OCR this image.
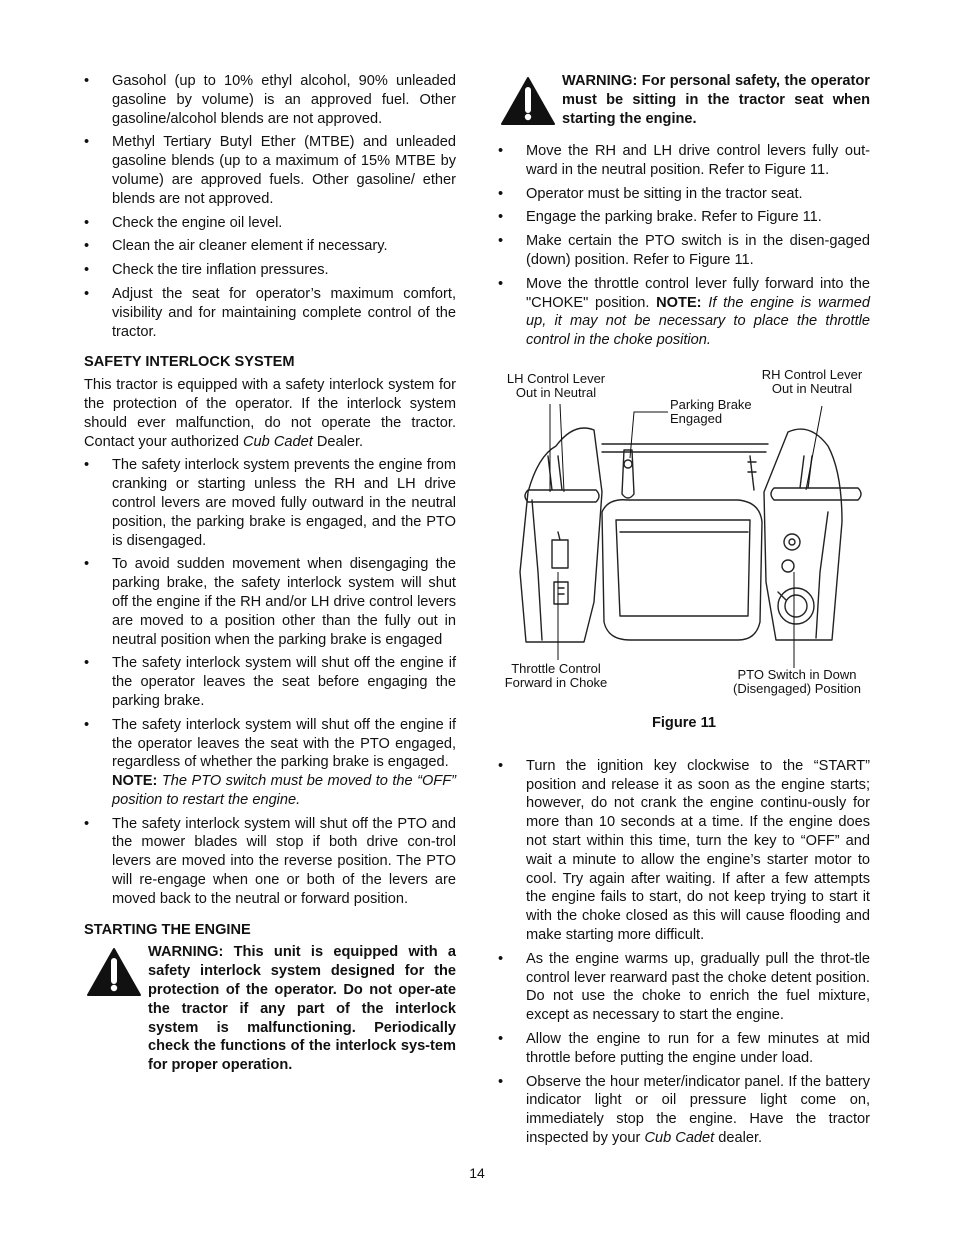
• Gasohol (up to 10% ethyl alcohol, 90% unleaded gasoline by volume) is an approved fuel. Other gasoline/alcohol blends are not approved.
• Methyl Tertiary Butyl Ether (MTBE) and unleaded gasoline blends (up to a maximum of 15% MTBE by volume) are approved fuels. Other gasoline/ ether blends are not approved.
• Check the engine oil level.
• Clean the air cleaner element if necessary.
• Check the tire inflation pressures.
• Adjust the seat for operator’s maximum comfort, visibility and for maintaining complete control of the tractor.
SAFETY INTERLOCK SYSTEM

This tractor is equipped with a safety interlock system for the protection of the operator. If the interlock system should ever malfunction, do not operate the tractor. Contact your authorized Cub Cadet Dealer.

• The safety interlock system prevents the engine from cranking or starting unless the RH and LH drive control levers are moved fully outward in the neutral position, the parking brake is engaged, and the PTO is disengaged.
• To avoid sudden movement when disengaging the parking brake, the safety interlock system will shut off the engine if the RH and/or LH drive control levers are moved to a position other than the fully out in neutral position when the parking brake is engaged
• The safety interlock system will shut off the engine if the operator leaves the seat before engaging the parking brake.
• The safety interlock system will shut off the engine if the operator leaves the seat with the PTO engaged, regardless of whether the parking brake is engaged.
NOTE: The PTO switch must be moved to the “OFF” position to restart the engine.
• The safety interlock system will shut off the PTO and the mower blades will stop if both drive con-trol levers are moved into the reverse position. The PTO will re-engage when one or both of the levers are moved back to the neutral or forward position.
STARTING THE ENGINE
WARNING: This unit is equipped with a safety interlock system designed for the protection of the operator. Do not oper-ate the tractor if any part of the interlock system is malfunctioning. Periodically check the functions of the interlock sys-tem for proper operation.
WARNING: For personal safety, the operator must be sitting in the tractor seat when starting the engine.
• Move the RH and LH drive control levers fully out-ward in the neutral position. Refer to Figure 11.
• Operator must be sitting in the tractor seat.
• Engage the parking brake. Refer to Figure 11.
• Make certain the PTO switch is in the disen-gaged (down) position. Refer to Figure 11.
• Move the throttle control lever fully forward into the "CHOKE" position. NOTE: If the engine is warmed up, it may not be necessary to place the throttle control in the choke position.
LH Control Lever
Out in Neutral
RH Control Lever
Out in Neutral
Parking Brake
Engaged
Throttle Control
Forward in Choke
PTO Switch in Down
(Disengaged) Position
Figure 11
• Turn the ignition key clockwise to the “START” position and release it as soon as the engine starts; however, do not crank the engine continu-ously for more than 10 seconds at a time. If the engine does not start within this time, turn the key to “OFF” and wait a minute to allow the engine’s starter motor to cool. Try again after waiting. If after a few attempts the engine fails to start, do not keep trying to start it with the choke closed as this will cause flooding and make starting more difficult.
• As the engine warms up, gradually pull the throt-tle control lever rearward past the choke detent position. Do not use the choke to enrich the fuel mixture, except as necessary to start the engine.
• Allow the engine to run for a few minutes at mid throttle before putting the engine under load.
• Observe the hour meter/indicator panel. If the battery indicator light or oil pressure light come on, immediately stop the engine. Have the tractor inspected by your Cub Cadet dealer.
14
